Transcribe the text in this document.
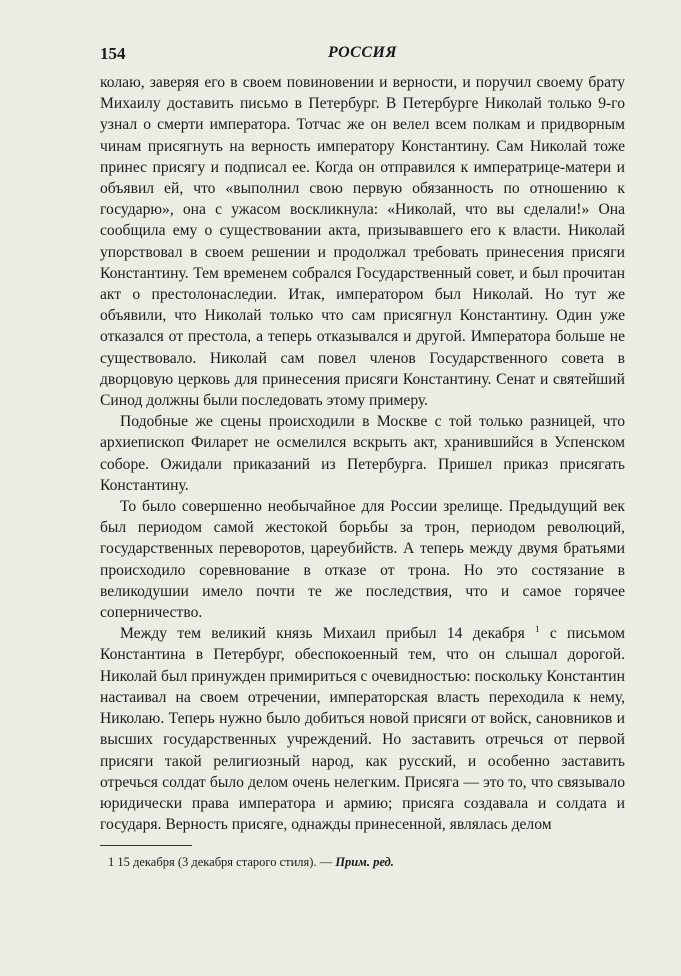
154	РОССИЯ

колаю, заверяя его в своем повиновении и верности, и поручил своему брату Михаилу доставить письмо в Петербург. В Петербурге Николай только 9-го узнал о смерти императора. Тотчас же он велел всем полкам и придворным чинам присягнуть на верность императору Константину. Сам Николай тоже принес присягу и подписал ее. Когда он отправился к императрице-матери и объявил ей, что «выполнил свою первую обязанность по отношению к государю», она с ужасом воскликнула: «Николай, что вы сделали!» Она сообщила ему о существовании акта, призывавшего его к власти. Николай упорствовал в своем решении и продолжал требовать принесения присяги Константину. Тем временем собрался Государственный совет, и был прочитан акт о престолонаследии. Итак, императором был Николай. Но тут же объявили, что Николай только что сам присягнул Константину. Один уже отказался от престола, а теперь отказывался и другой. Императора больше не существовало. Николай сам повел членов Государственного совета в дворцовую церковь для принесения присяги Константину. Сенат и святейший Синод должны были последовать этому примеру.

Подобные же сцены происходили в Москве с той только разницей, что архиепископ Филарет не осмелился вскрыть акт, хранившийся в Успенском соборе. Ожидали приказаний из Петербурга. Пришел приказ присягать Константину.

То было совершенно необычайное для России зрелище. Предыдущий век был периодом самой жестокой борьбы за трон, периодом революций, государственных переворотов, цареубийств. А теперь между двумя братьями происходило соревнование в отказе от трона. Но это состязание в великодушии имело почти те же последствия, что и самое горячее соперничество.

Между тем великий князь Михаил прибыл 14 декабря $^1$ с письмом Константина в Петербург, обеспокоенный тем, что он слышал дорогой. Николай был принужден примириться с очевидностью: поскольку Константин настаивал на своем отречении, императорская власть переходила к нему, Николаю. Теперь нужно было добиться новой присяги от войск, сановников и высших государственных учреждений. Но заставить отречься от первой присяги такой религиозный народ, как русский, и особенно заставить отречься солдат было делом очень нелегким. Присяга — это то, что связывало юридически права императора и армию; присяга создавала и солдата и государя. Верность присяге, однажды принесенной, являлась делом

1 15 декабря (3 декабря старого стиля). — Прим. ред.
